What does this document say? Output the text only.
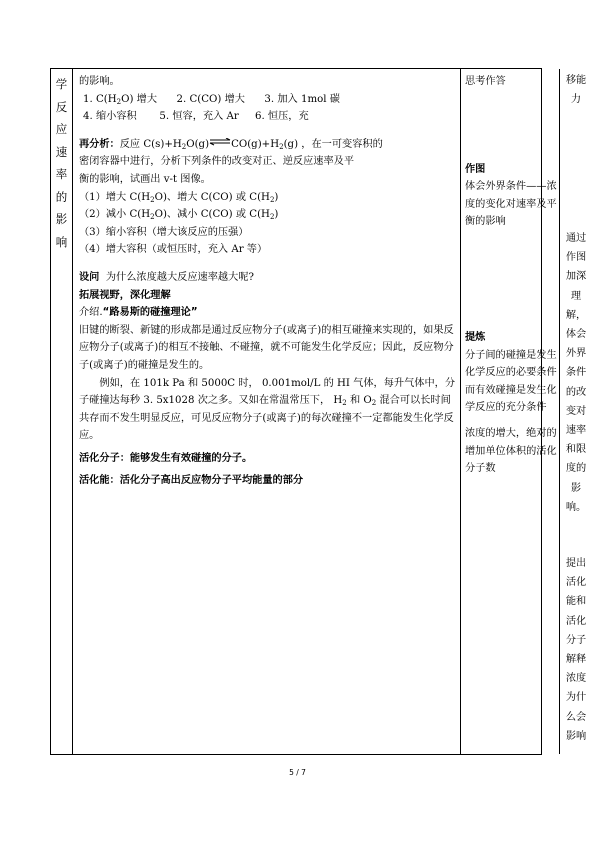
学
反
应
速
率
的
影
响

的影响。

1. $C(H_2O)$ 增大 2. C(CO) 增大 3. 加入 1mol 碳

4. 缩小容积 5. 恒容，充入 Ar 6. 恒压，充

再分析：反应 $C(s)+H_2O(g)\rightleftharpoons CO(g)+H_2(g)$ ，在一可变容积的

密闭容器中进行，分析下列条件的改变对正、逆反应速率及平

衡的影响，试画出 v-t 图像。

（1）增大 $C(H_2O)$、增大 C(CO) 或 $C(H_2)$

（2）减小 $C(H_2O)$、减小 C(CO) 或 $C(H_2)$

（3）缩小容积（增大该反应的压强）

（4）增大容积（或恒压时，充入 Ar 等）

设问 为什么浓度越大反应速率越大呢?

拓展视野，深化理解

介绍.“路易斯的碰撞理论”

旧键的断裂、新键的形成都是通过反应物分子(或离子)的相互碰撞来实现的，如果反应物分子(或离子)的相互不接触、不碰撞，就不可能发生化学反应；因此，反应物分子(或离子)的碰撞是发生的。

例如，在 101k Pa 和 5000C 时， 0.001mol/L 的 HI 气体，每升气体中，分子碰撞达每秒 3. 5x1028 次之多。又如在常温常压下， $H_2$ 和 $O_2$ 混合可以长时间共存而不发生明显反应，可见反应物分子(或离子)的每次碰撞不一定都能发生化学反应。

活化分子：能够发生有效碰撞的分子。

活化能：活化分子高出反应物分子平均能量的部分

思考作答

作图

体会外界条件——浓度的变化对速率及平衡的影响

提炼

分子间的碰撞是发生化学反应的必要条件

而有效碰撞是发生化学反应的充分条件

浓度的增大，绝对的增加单位体积的活化分子数

移能
力
通过
作图
加深
理
解，
体会
外界
条件
的改
变对
速率
和限
度的
影
响。
提出
活化
能和
活化
分子
解释
浓度
为什
么会
影响
5 / 7
